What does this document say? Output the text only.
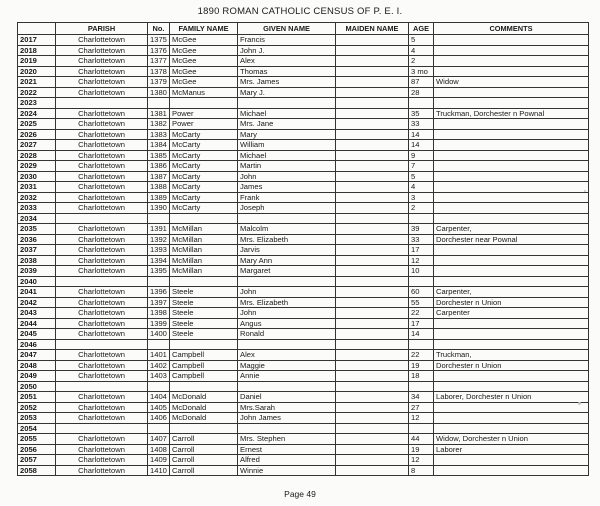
1890 ROMAN CATHOLIC CENSUS OF P. E. I.
	PARISH	No.	FAMILY NAME	GIVEN NAME	MAIDEN NAME	AGE	COMMENTS
2017	Charlottetown	1375	McGee	Francis		5	
2018	Charlottetown	1376	McGee	John J.		4	
2019	Charlottetown	1377	McGee	Alex		2	
2020	Charlottetown	1378	McGee	Thomas		3 mo	
2021	Charlottetown	1379	McGee	Mrs. James		87	Widow
2022	Charlottetown	1380	McManus	Mary J.		28	
2023							
2024	Charlottetown	1381	Power	Michael		35	Truckman, Dorchester n Pownal
2025	Charlottetown	1382	Power	Mrs. Jane		33	
2026	Charlottetown	1383	McCarty	Mary		14	
2027	Charlottetown	1384	McCarty	William		14	
2028	Charlottetown	1385	McCarty	Michael		9	
2029	Charlottetown	1386	McCarty	Martin		7	
2030	Charlottetown	1387	McCarty	John		5	
2031	Charlottetown	1388	McCarty	James		4	
2032	Charlottetown	1389	McCarty	Frank		3	
2033	Charlottetown	1390	McCarty	Joseph		2	
2034							
2035	Charlottetown	1391	McMillan	Malcolm		39	Carpenter,
2036	Charlottetown	1392	McMillan	Mrs. Elizabeth		33	Dorchester near Pownal
2037	Charlottetown	1393	McMillan	Jarvis		17	
2038	Charlottetown	1394	McMillan	Mary Ann		12	
2039	Charlottetown	1395	McMillan	Margaret		10	
2040							
2041	Charlottetown	1396	Steele	John		60	Carpenter,
2042	Charlottetown	1397	Steele	Mrs. Elizabeth		55	Dorchester n Union
2043	Charlottetown	1398	Steele	John		22	Carpenter
2044	Charlottetown	1399	Steele	Angus		17	
2045	Charlottetown	1400	Steele	Ronald		14	
2046							
2047	Charlottetown	1401	Campbell	Alex		22	Truckman,
2048	Charlottetown	1402	Campbell	Maggie		19	Dorchester n Union
2049	Charlottetown	1403	Campbell	Annie		18	
2050							
2051	Charlottetown	1404	McDonald	Daniel		34	Laborer, Dorchester n Union
2052	Charlottetown	1405	McDonald	Mrs.Sarah		27	
2053	Charlottetown	1406	McDonald	John James		12	
2054							
2055	Charlottetown	1407	Carroll	Mrs. Stephen		44	Widow, Dorchester n Union
2056	Charlottetown	1408	Carroll	Ernest		19	Laborer
2057	Charlottetown	1409	Carroll	Alfred		12	
2058	Charlottetown	1410	Carroll	Winnie		8	
Page 49
